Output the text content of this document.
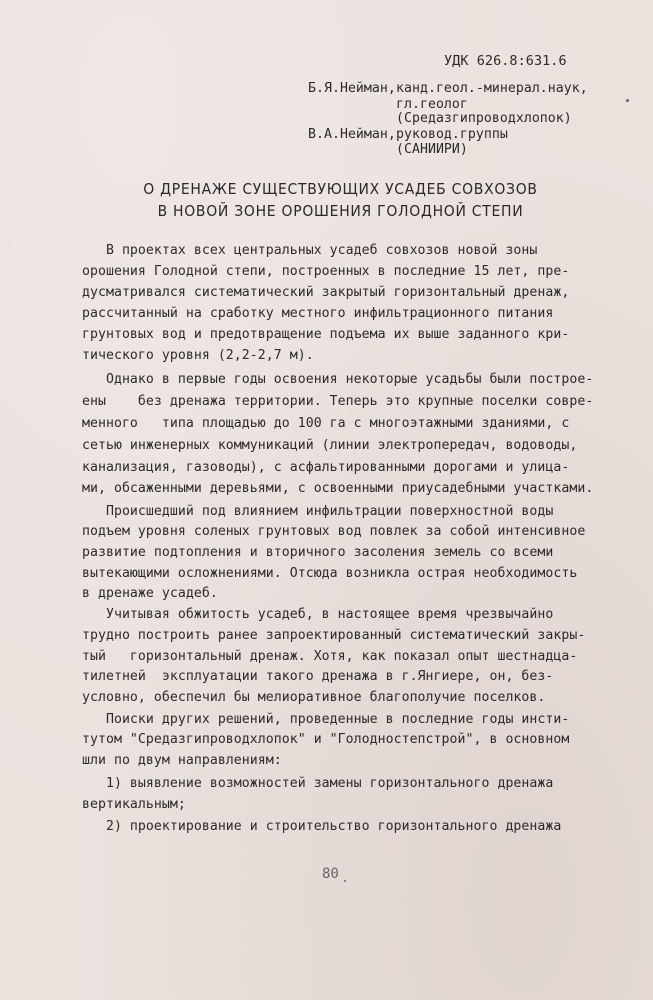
УДК 626.8:631.6
Б.Я.Нейман, канд.геол.-минерал.наук,
гл.геолог
(Средазгипроводхлопок)
В.А.Нейман, руковод.группы
(САНИИРИ)
О ДРЕНАЖЕ СУЩЕСТВУЮЩИХ УСАДЕБ СОВХОЗОВ
В НОВОЙ ЗОНЕ ОРОШЕНИЯ ГОЛОДНОЙ СТЕПИ
В проектах всех центральных усадеб совхозов новой зоны
орошения Голодной степи, построенных в последние 15 лет, пре-
дусматривался систематический закрытый горизонтальный дренаж,
рассчитанный на сработку местного инфильтрационного питания
грунтовых вод и предотвращение подъема их выше заданного кри-
тического уровня (2,2-2,7 м).
Однако в первые годы освоения некоторые усадьбы были построе-
ены    без дренажа территории. Теперь это крупные поселки совре-
менного   типа площадью до 100 га с многоэтажными зданиями, с
сетью инженерных коммуникаций (линии электропередач, водоводы,
канализация, газоводы), с асфальтированными дорогами и улица-
ми, обсаженными деревьями, с освоенными приусадебными участками.
Происшедший под влиянием инфильтрации поверхностной воды
подъем уровня соленых грунтовых вод повлек за собой интенсивное
развитие подтопления и вторичного засоления земель со всеми
вытекающими осложнениями. Отсюда возникла острая необходимость
в дренаже усадеб.
Учитывая обжитость усадеб, в настоящее время чрезвычайно
трудно построить ранее запроектированный систематический закры-
тый   горизонтальный дренаж. Хотя, как показал опыт шестнадца-
тилетней  эксплуатации такого дренажа в г.Янгиере, он, без-
условно, обеспечил бы мелиоративное благополучие поселков.
Поиски других решений, проведенные в последние годы инсти-
тутом "Средазгипроводхлопок" и "Голодностепстрой", в основном
шли по двум направлениям:
1) выявление возможностей замены горизонтального дренажа
вертикальным;
2) проектирование и строительство горизонтального дренажа
80
